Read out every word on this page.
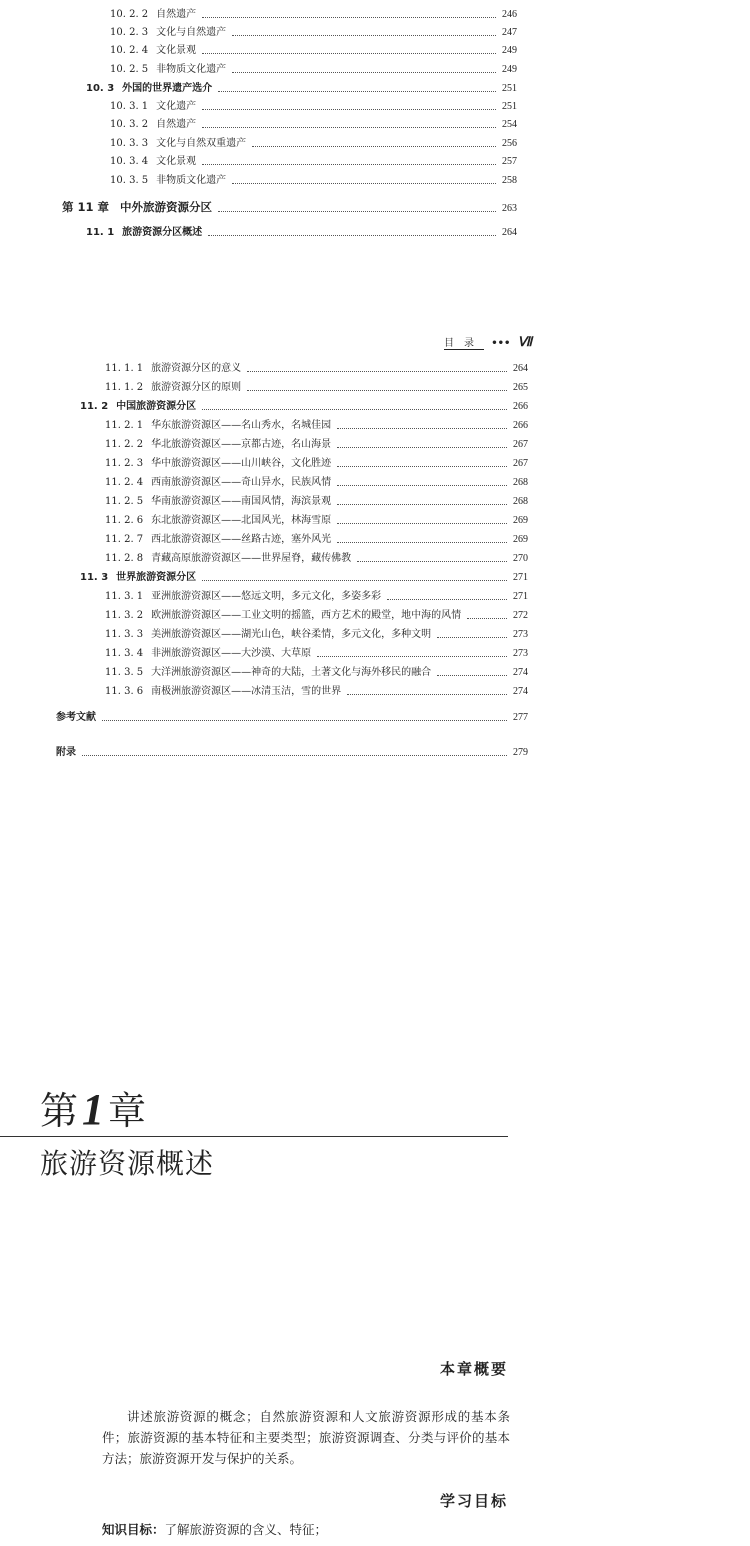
10. 2. 2 自然遗产	246
10. 2. 3 文化与自然遗产	247
10. 2. 4 文化景观	249
10. 2. 5 非物质文化遗产	249
10. 3 外国的世界遗产选介	251
10. 3. 1 文化遗产	251
10. 3. 2 自然遗产	254
10. 3. 3 文化与自然双重遗产	256
10. 3. 4 文化景观	257
10. 3. 5 非物质文化遗产	258
第 11 章 中外旅游资源分区	263
11. 1 旅游资源分区概述	264
目录 ••• Ⅶ
11. 1. 1 旅游资源分区的意义	264
11. 1. 2 旅游资源分区的原则	265
11. 2 中国旅游资源分区	266
11. 2. 1 华东旅游资源区——名山秀水，名城佳园	266
11. 2. 2 华北旅游资源区——京都古迹，名山海景	267
11. 2. 3 华中旅游资源区——山川峡谷，文化胜迹	267
11. 2. 4 西南旅游资源区——奇山异水，民族风情	268
11. 2. 5 华南旅游资源区——南国风情，海滨景观	268
11. 2. 6 东北旅游资源区——北国风光，林海雪原	269
11. 2. 7 西北旅游资源区——丝路古迹，塞外风光	269
11. 2. 8 青藏高原旅游资源区——世界屋脊，藏传佛教	270
11. 3 世界旅游资源分区	271
11. 3. 1 亚洲旅游资源区——悠远文明，多元文化，多姿多彩	271
11. 3. 2 欧洲旅游资源区——工业文明的摇篮，西方艺术的殿堂，地中海的风情	272
11. 3. 3 美洲旅游资源区——湖光山色，峡谷柔情，多元文化，多种文明	273
11. 3. 4 非洲旅游资源区——大沙漠、大草原	273
11. 3. 5 大洋洲旅游资源区——神奇的大陆，土著文化与海外移民的融合	274
11. 3. 6 南极洲旅游资源区——冰清玉洁，雪的世界	274
参考文献	277
附录	279
第1 章
旅游资源概述
本章概要
讲述旅游资源的概念；自然旅游资源和人文旅游资源形成的基本条件；旅游资源的基本特征和主要类型；旅游资源调查、分类与评价的基本方法；旅游资源开发与保护的关系。
学习目标
知识目标：了解旅游资源的含义、特征；
